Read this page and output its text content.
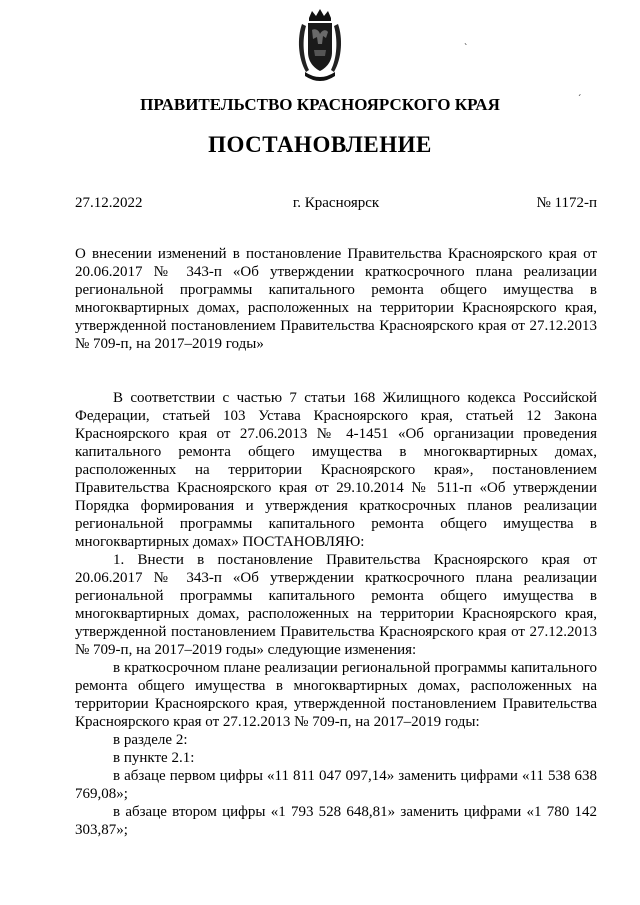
ˋ
ˊ
ПРАВИТЕЛЬСТВО КРАСНОЯРСКОГО КРАЯ
ПОСТАНОВЛЕНИЕ
27.12.2022	г. Красноярск	№ 1172-п

О внесении изменений в постановление Правительства Красноярского края от 20.06.2017 № 343-п «Об утверждении краткосрочного плана реализации региональной программы капитального ремонта общего имущества в многоквартирных домах, расположенных на территории Красноярского края, утвержденной постановлением Правительства Красноярского края от 27.12.2013 № 709-п, на 2017–2019 годы»

В соответствии с частью 7 статьи 168 Жилищного кодекса Российской Федерации, статьей 103 Устава Красноярского края, статьей 12 Закона Красноярского края от 27.06.2013 № 4-1451 «Об организации проведения капитального ремонта общего имущества в многоквартирных домах, расположенных на территории Красноярского края», постановлением Правительства Красноярского края от 29.10.2014 № 511-п «Об утверждении Порядка формирования и утверждения краткосрочных планов реализации региональной программы капитального ремонта общего имущества в многоквартирных домах» ПОСТАНОВЛЯЮ:

1. Внести в постановление Правительства Красноярского края от 20.06.2017 № 343-п «Об утверждении краткосрочного плана реализации региональной программы капитального ремонта общего имущества в многоквартирных домах, расположенных на территории Красноярского края, утвержденной постановлением Правительства Красноярского края от 27.12.2013 № 709-п, на 2017–2019 годы» следующие изменения:

в краткосрочном плане реализации региональной программы капитального ремонта общего имущества в многоквартирных домах, расположенных на территории Красноярского края, утвержденной постановлением Правительства Красноярского края от 27.12.2013 № 709-п, на 2017–2019 годы:

в разделе 2:

в пункте 2.1:

в абзаце первом цифры «11 811 047 097,14» заменить цифрами «11 538 638 769,08»;

в абзаце втором цифры «1 793 528 648,81» заменить цифрами «1 780 142 303,87»;
